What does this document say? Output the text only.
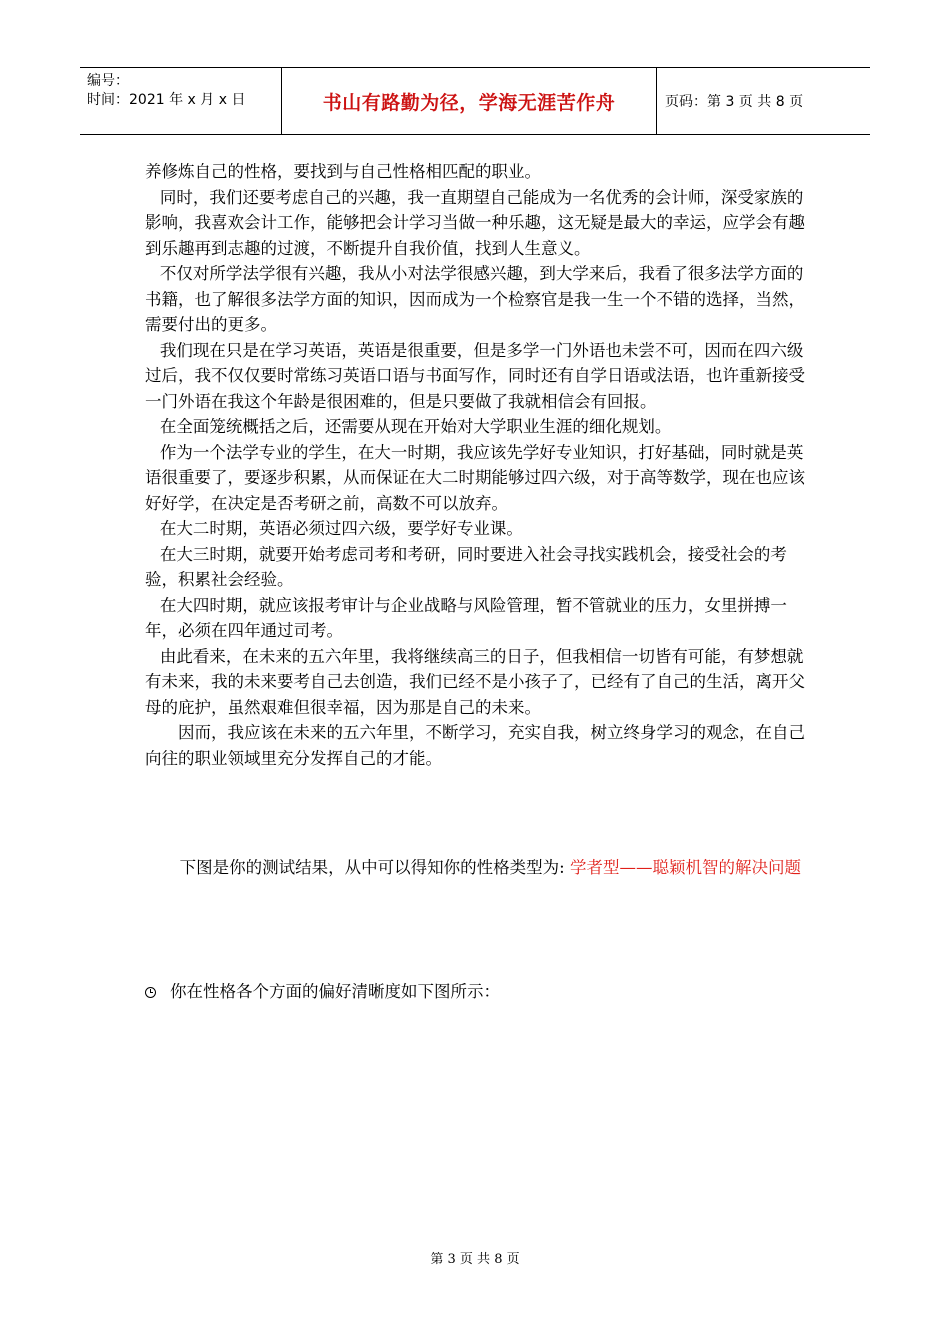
编号：
时间：2021 年 x 月 x 日	书山有路勤为径，学海无涯苦作舟	页码：第 3 页 共 8 页

养修炼自己的性格，要找到与自己性格相匹配的职业。

同时，我们还要考虑自己的兴趣，我一直期望自己能成为一名优秀的会计师，深受家族的影响，我喜欢会计工作，能够把会计学习当做一种乐趣，这无疑是最大的幸运，应学会有趣到乐趣再到志趣的过渡，不断提升自我价值，找到人生意义。

不仅对所学法学很有兴趣，我从小对法学很感兴趣，到大学来后，我看了很多法学方面的书籍，也了解很多法学方面的知识，因而成为一个检察官是我一生一个不错的选择，当然，需要付出的更多。

我们现在只是在学习英语，英语是很重要，但是多学一门外语也未尝不可，因而在四六级过后，我不仅仅要时常练习英语口语与书面写作，同时还有自学日语或法语，也许重新接受一门外语在我这个年龄是很困难的，但是只要做了我就相信会有回报。

在全面笼统概括之后，还需要从现在开始对大学职业生涯的细化规划。

作为一个法学专业的学生，在大一时期，我应该先学好专业知识，打好基础，同时就是英语很重要了，要逐步积累，从而保证在大二时期能够过四六级，对于高等数学，现在也应该好好学，在决定是否考研之前，高数不可以放弃。

在大二时期，英语必须过四六级，要学好专业课。

在大三时期，就要开始考虑司考和考研，同时要进入社会寻找实践机会，接受社会的考验，积累社会经验。

在大四时期，就应该报考审计与企业战略与风险管理，暂不管就业的压力，女里拼搏一年，必须在四年通过司考。

由此看来，在未来的五六年里，我将继续高三的日子，但我相信一切皆有可能，有梦想就有未来，我的未来要考自己去创造，我们已经不是小孩子了，已经有了自己的生活，离开父母的庇护，虽然艰难但很幸福，因为那是自己的未来。

因而，我应该在未来的五六年里，不断学习，充实自我，树立终身学习的观念，在自己向往的职业领域里充分发挥自己的才能。

下图是你的测试结果，从中可以得知你的性格类型为: 学者型——聪颖机智的解决问题
你在性格各个方面的偏好清晰度如下图所示：
第 3 页 共 8 页
